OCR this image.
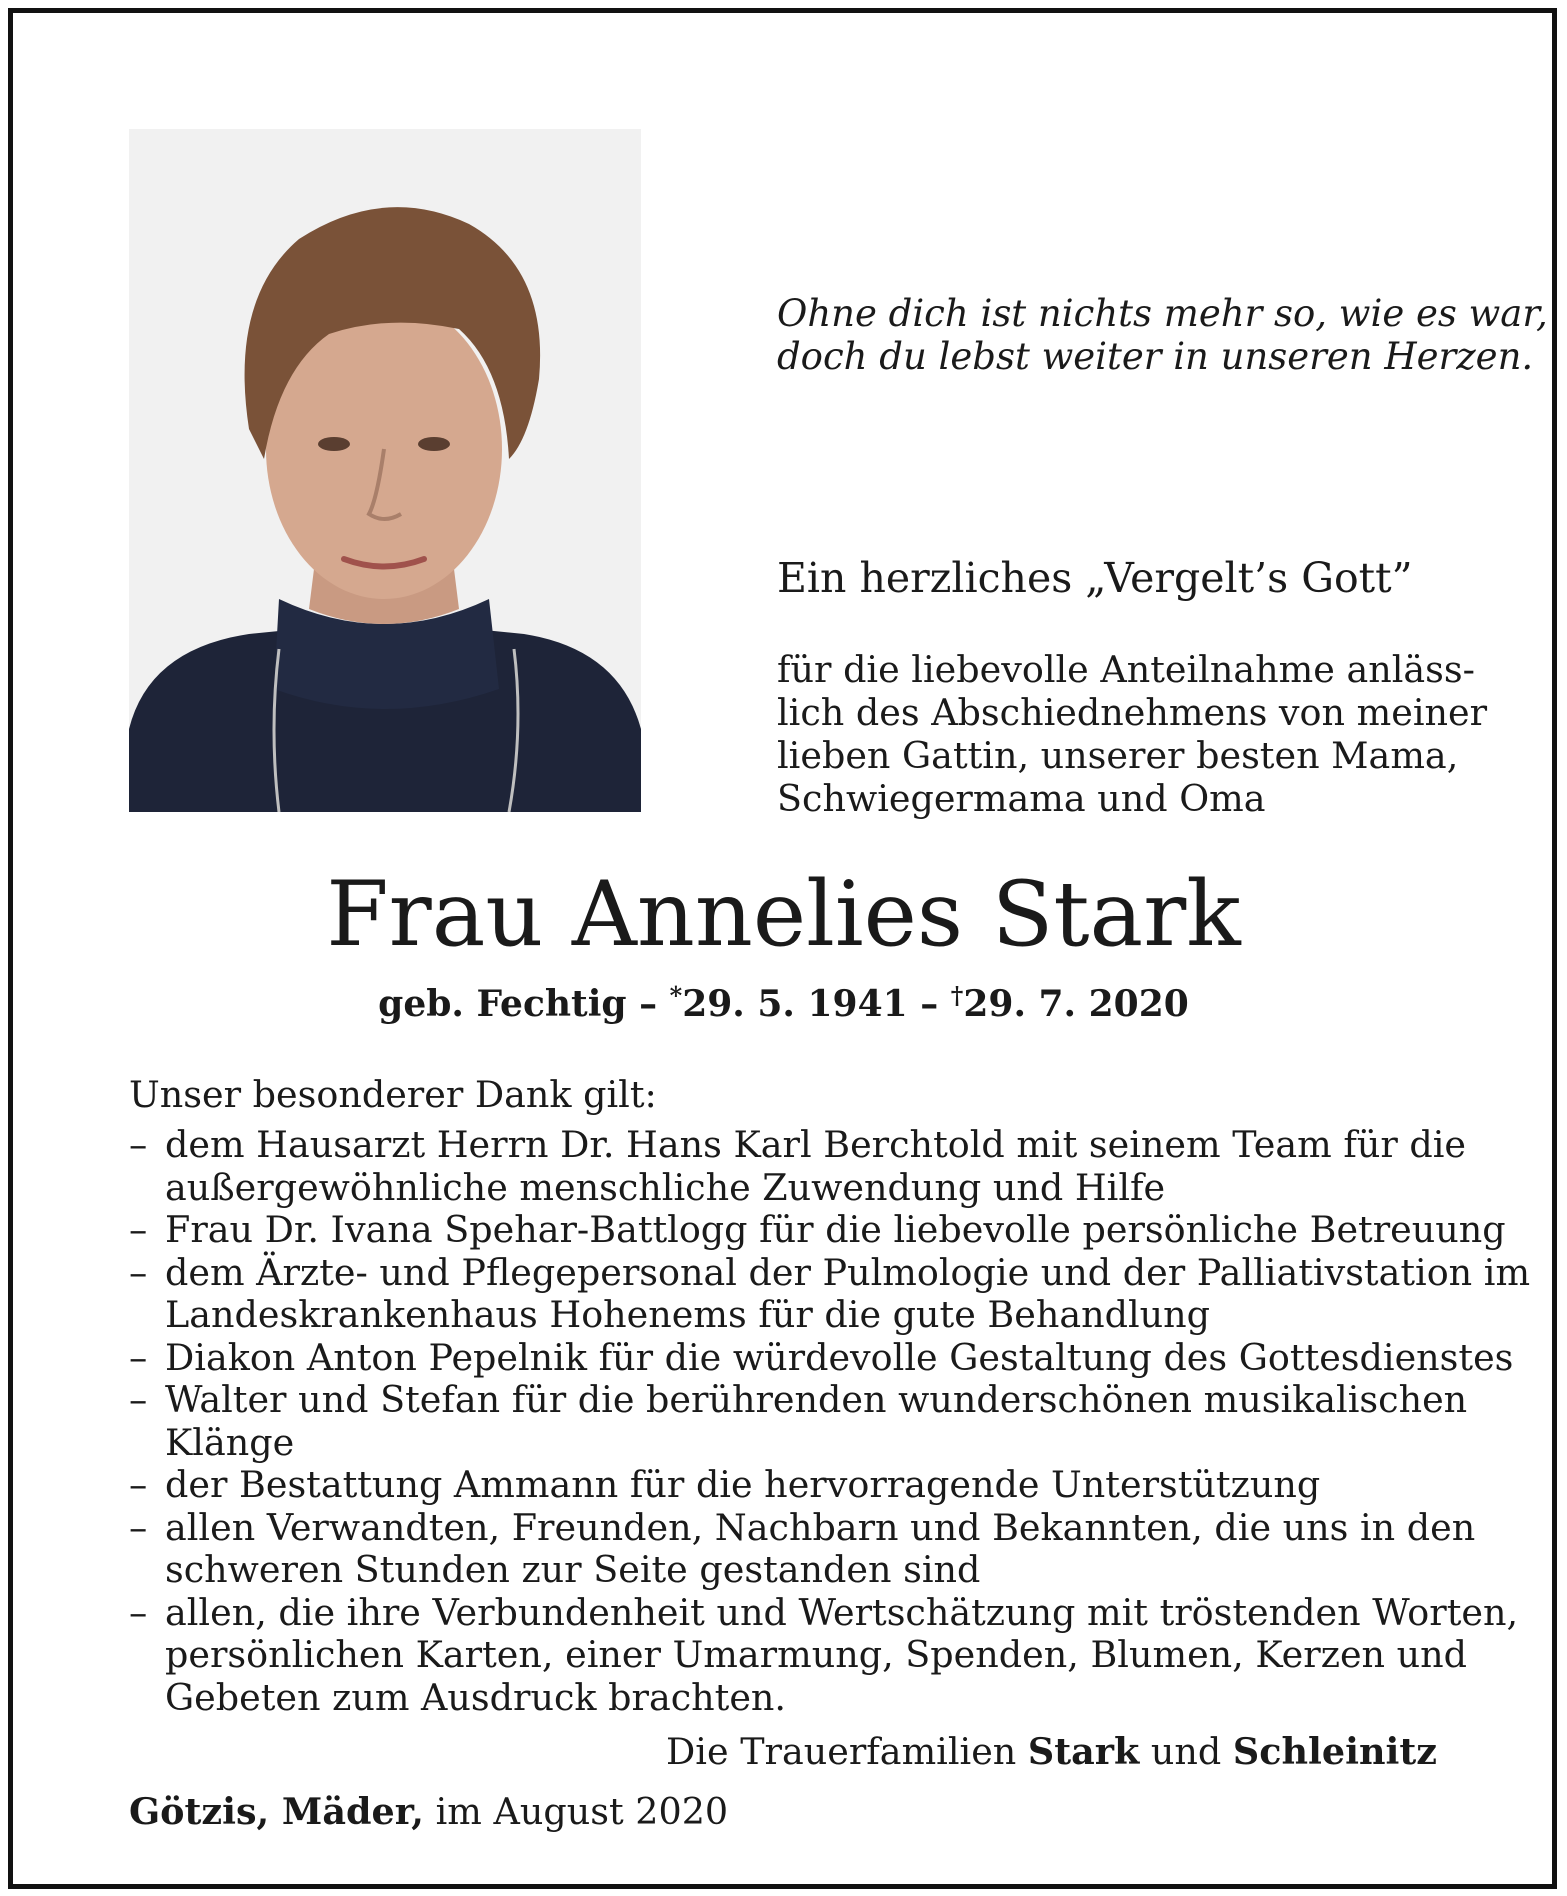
Ohne dich ist nichts mehr so, wie es war,

doch du lebst weiter in unseren Herzen.

Ein herzliches „Vergelt’s Gott”

für die liebevolle Anteilnahme anläss-

lich des Abschiednehmens von meiner

lieben Gattin, unserer besten Mama,

Schwiegermama und Oma

Frau Annelies Stark
geb. Fechtig – *29. 5. 1941 – †29. 7. 2020
Unser besonderer Dank gilt:
– dem Hausarzt Herrn Dr. Hans Karl Berchtold mit seinem Team für die
außergewöhnliche menschliche Zuwendung und Hilfe
– Frau Dr. Ivana Spehar-Battlogg für die liebevolle persönliche Betreuung
– dem Ärzte- und Pflegepersonal der Pulmologie und der Palliativstation im
Landeskrankenhaus Hohenems für die gute Behandlung
– Diakon Anton Pepelnik für die würdevolle Gestaltung des Gottesdienstes
– Walter und Stefan für die berührenden wunderschönen musikalischen
Klänge
– der Bestattung Ammann für die hervorragende Unterstützung
– allen Verwandten, Freunden, Nachbarn und Bekannten, die uns in den
schweren Stunden zur Seite gestanden sind
– allen, die ihre Verbundenheit und Wertschätzung mit tröstenden Worten,
persönlichen Karten, einer Umarmung, Spenden, Blumen, Kerzen und
Gebeten zum Ausdruck brachten.
Die Trauerfamilien Stark und Schleinitz
Götzis, Mäder, im August 2020
